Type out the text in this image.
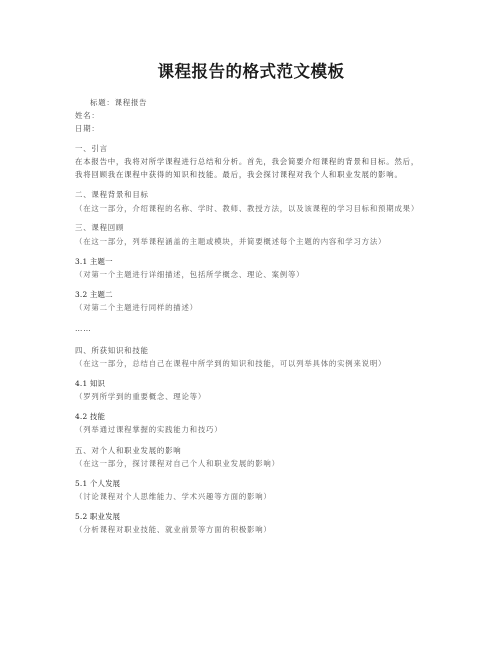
课程报告的格式范文模板
标题：课程报告
姓名：
日期：
一、引言
在本报告中，我将对所学课程进行总结和分析。首先，我会简要介绍课程的背景和目标。然后，
我将回顾我在课程中获得的知识和技能。最后，我会探讨课程对我个人和职业发展的影响。
二、课程背景和目标
（在这一部分，介绍课程的名称、学时、教师、教授方法，以及该课程的学习目标和预期成果）
三、课程回顾
（在这一部分，列举课程涵盖的主题或模块，并简要概述每个主题的内容和学习方法）
3.1 主题一
（对第一个主题进行详细描述，包括所学概念、理论、案例等）
3.2 主题二
（对第二个主题进行同样的描述）
……
四、所获知识和技能
（在这一部分，总结自己在课程中所学到的知识和技能，可以列举具体的实例来说明）
4.1 知识
（罗列所学到的重要概念、理论等）
4.2 技能
（列举通过课程掌握的实践能力和技巧）
五、对个人和职业发展的影响
（在这一部分，探讨课程对自己个人和职业发展的影响）
5.1 个人发展
（讨论课程对个人思维能力、学术兴趣等方面的影响）
5.2 职业发展
（分析课程对职业技能、就业前景等方面的积极影响）
